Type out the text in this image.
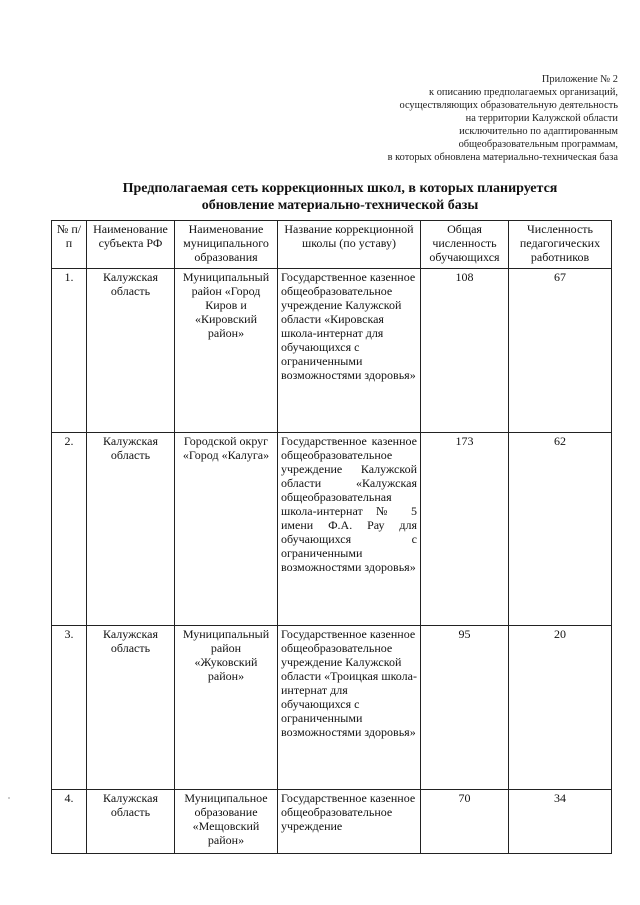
Приложение № 2
к описанию предполагаемых организаций,
осуществляющих образовательную деятельность
на территории Калужской области
исключительно по адаптированным
общеобразовательным программам,
в которых обновлена материально-техническая база
Предполагаемая сеть коррекционных школ, в которых планируется
обновление материально-технической базы
№ п/п	Наименование субъекта РФ	Наименование муниципального образования	Название коррекционной школы (по уставу)	Общая численность обучающихся	Численность педагогических работников
1.	Калужская область	Муниципальный район «Город Киров и «Кировский район»	Государственное казенное общеобразовательное учреждение Калужской области «Кировская школа-интернат для обучающихся с ограниченными возможностями здоровья»	108	67
2.	Калужская область	Городской округ «Город «Калуга»	Государственное казенное общеобразовательное учреждение Калужской области «Калужская общеобразовательная школа-интернат № 5 имени Ф.А. Рау для обучающихся с ограниченными возможностями здоровья»	173	62
3.	Калужская область	Муниципальный район «Жуковский район»	Государственное казенное общеобразовательное учреждение Калужской области «Троицкая школа-интернат для обучающихся с ограниченными возможностями здоровья»	95	20
4.	Калужская область	Муниципальное образование «Мещовский район»	Государственное казенное общеобразовательное учреждение	70	34
